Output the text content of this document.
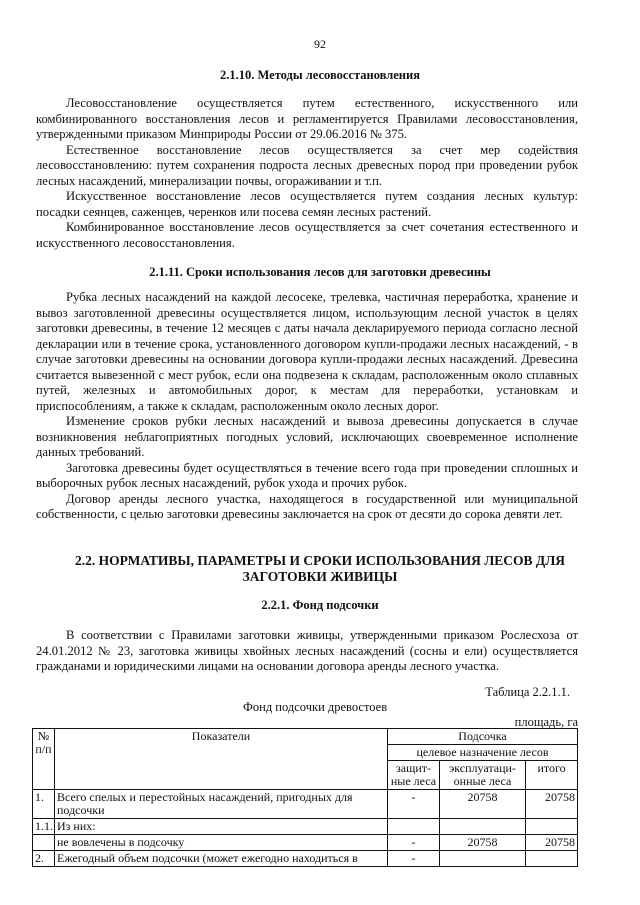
92
2.1.10. Методы лесовосстановления

Лесовосстановление осуществляется путем естественного, искусственного или комбинированного восстановления лесов и регламентируется Правилами лесовосстановления, утвержденными приказом Минприроды России от 29.06.2016 № 375.

Естественное восстановление лесов осуществляется за счет мер содействия лесовосстановлению: путем сохранения подроста лесных древесных пород при проведении рубок лесных насаждений, минерализации почвы, огораживании и т.п.

Искусственное восстановление лесов осуществляется путем создания лесных культур: посадки сеянцев, саженцев, черенков или посева семян лесных растений.

Комбинированное восстановление лесов осуществляется за счет сочетания естественного и искусственного лесовосстановления.

2.1.11. Сроки использования лесов для заготовки древесины

Рубка лесных насаждений на каждой лесосеке, трелевка, частичная переработка, хранение и вывоз заготовленной древесины осуществляется лицом, использующим лесной участок в целях заготовки древесины, в течение 12 месяцев с даты начала декларируемого периода согласно лесной декларации или в течение срока, установленного договором купли-продажи лесных насаждений, - в случае заготовки древесины на основании договора купли-продажи лесных насаждений. Древесина считается вывезенной с мест рубок, если она подвезена к складам, расположенным около сплавных путей, железных и автомобильных дорог, к местам для переработки, установкам и приспособлениям, а также к складам, расположенным около лесных дорог.

Изменение сроков рубки лесных насаждений и вывоза древесины допускается в случае возникновения неблагоприятных погодных условий, исключающих своевременное исполнение данных требований.

Заготовка древесины будет осуществляться в течение всего года при проведении сплошных и выборочных рубок лесных насаждений, рубок ухода и прочих рубок.

Договор аренды лесного участка, находящегося в государственной или муниципальной собственности, с целью заготовки древесины заключается на срок от десяти до сорока девяти лет.

2.2. НОРМАТИВЫ, ПАРАМЕТРЫ И СРОКИ ИСПОЛЬЗОВАНИЯ ЛЕСОВ ДЛЯ ЗАГОТОВКИ ЖИВИЦЫ
2.2.1. Фонд подсочки

В соответствии с Правилами заготовки живицы, утвержденными приказом Рослесхоза от 24.01.2012 № 23, заготовка живицы хвойных лесных насаждений (сосны и ели) осуществляется гражданами и юридическими лицами на основании договора аренды лесного участка.

Таблица 2.2.1.1.
Фонд подсочки древостоев
площадь, га
№ п/п	Показатели	Подсочка		
		целевое назначение лесов		
		защит-ные леса	эксплуатаци-онные леса	итого
1.	Всего спелых и перестойных насаждений, пригодных для подсочки	-	20758	20758
1.1.	Из них:			
	не вовлечены в подсочку	-	20758	20758
2.	Ежегодный объем подсочки (может ежегодно находиться в	-		
